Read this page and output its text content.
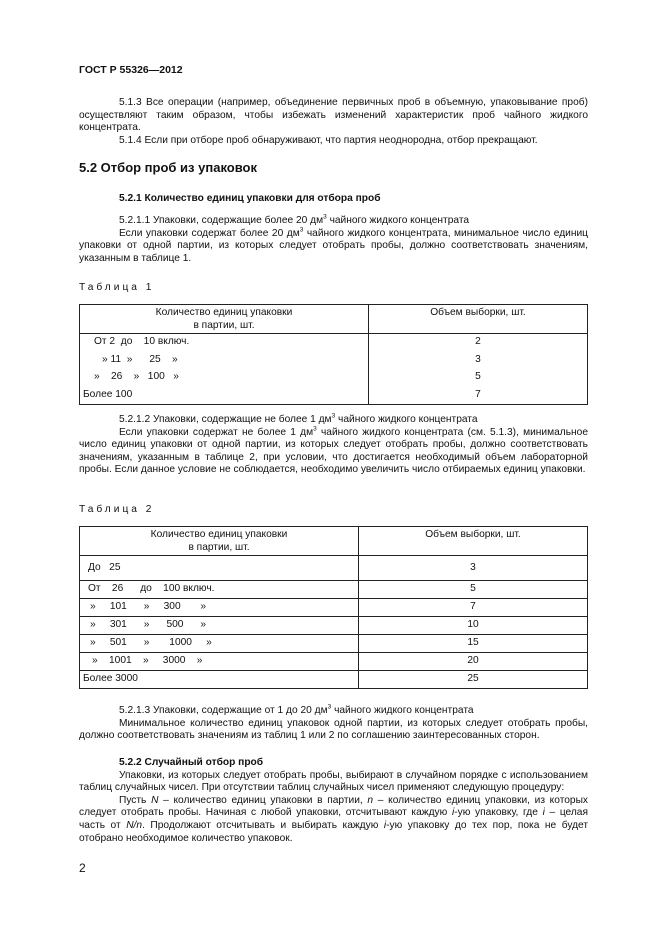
ГОСТ Р 55326—2012

5.1.3 Все операции (например, объединение первичных проб в объемную, упаковывание проб) осуществляют таким образом, чтобы избежать изменений характеристик проб чайного жидкого концентрата.

5.1.4 Если при отборе проб обнаруживают, что партия неоднородна, отбор прекращают.

5.2 Отбор проб из упаковок

5.2.1 Количество единиц упаковки для отбора проб

5.2.1.1 Упаковки, содержащие более 20 $дм^3$ чайного жидкого концентрата

Если упаковки содержат более 20 $дм^3$ чайного жидкого концентрата, минимальное число единиц упаковки от одной партии, из которых следует отобрать пробы, должно соответствовать значениям, указанным в таблице 1.

Таблица 1

Количество единиц упаковки
в партии, шт.	Объем выборки, шт.
От 2  до    10 включ.	2
» 11  »      25    »	3
»    26    »   100   »	5
Более 100	7

5.2.1.2 Упаковки, содержащие не более 1 $дм^3$ чайного жидкого концентрата

Если упаковки содержат не более 1 $дм^3$ чайного жидкого концентрата (см. 5.1.3), минимальное число единиц упаковки от одной партии, из которых следует отобрать пробы, должно соответствовать значениям, указанным в таблице 2, при условии, что достигается необходимый объем лабораторной пробы. Если данное условие не соблюдается, необходимо увеличить число отбираемых единиц упаковки.

Таблица 2

Количество единиц упаковки
в партии, шт.	Объем выборки, шт.
До   25	3
От    26      до    100 включ.	5
»     101      »     300       »	7
»     301      »      500      »	10
»     501      »       1000     »	15
»    1001    »     3000    »	20
Более 3000	25

5.2.1.3 Упаковки, содержащие от 1 до 20 $дм^3$ чайного жидкого концентрата

Минимальное количество единиц упаковок одной партии, из которых следует отобрать пробы, должно соответствовать значениям из таблиц 1 или 2 по соглашению заинтересованных сторон.

5.2.2 Случайный отбор проб

Упаковки, из которых следует отобрать пробы, выбирают в случайном порядке с использованием таблиц случайных чисел. При отсутствии таблиц случайных чисел применяют следующую процедуру:

Пусть N – количество единиц упаковки в партии, n – количество единиц упаковки, из которых следует отобрать пробы. Начиная с любой упаковки, отсчитывают каждую i-ую упаковку, где i – целая часть от N/n. Продолжают отсчитывать и выбирать каждую i-ую упаковку до тех пор, пока не будет отобрано необходимое количество упаковок.

2
